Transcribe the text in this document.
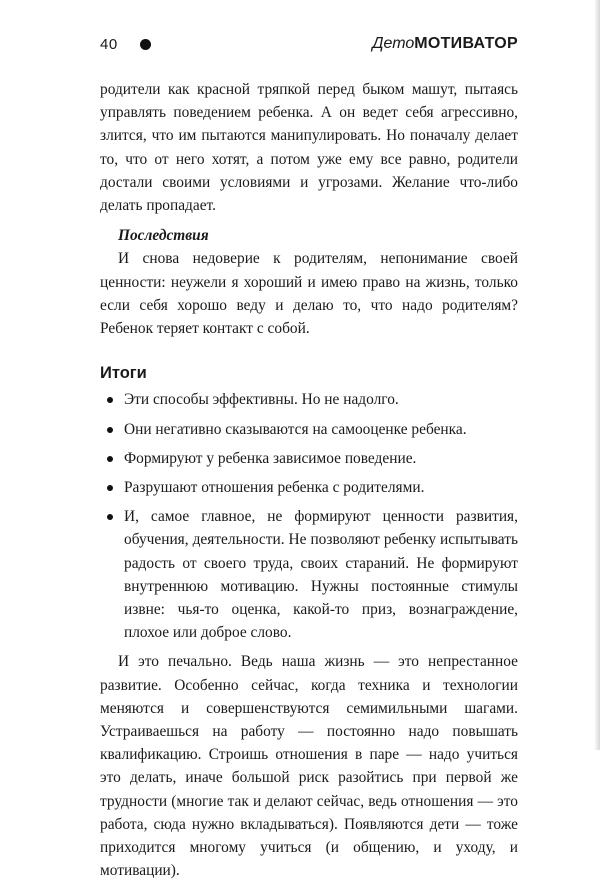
40	ДетоМОТИВАТОР

родители как красной тряпкой перед быком машут, пытаясь управлять поведением ребенка. А он ведет себя агрессивно, злится, что им пытаются манипулировать. Но поначалу делает то, что от него хотят, а потом уже ему все равно, родители достали своими условиями и угрозами. Желание что-либо делать пропадает.

Последствия

И снова недоверие к родителям, непонимание своей ценности: неужели я хороший и имею право на жизнь, только если себя хорошо веду и делаю то, что надо родителям? Ребенок теряет контакт с собой.

Итоги
Эти способы эффективны. Но не надолго.
Они негативно сказываются на самооценке ребенка.
Формируют у ребенка зависимое поведение.
Разрушают отношения ребенка с родителями.
И, самое главное, не формируют ценности развития, обучения, деятельности. Не позволяют ребенку испытывать радость от своего труда, своих стараний. Не формируют внутреннюю мотивацию. Нужны постоянные стимулы извне: чья-то оценка, какой-то приз, вознаграждение, плохое или доброе слово.

И это печально. Ведь наша жизнь — это непрестанное развитие. Особенно сейчас, когда техника и технологии меняются и совершенствуются семимильными шагами. Устраиваешься на работу — постоянно надо повышать квалификацию. Строишь отношения в паре — надо учиться это делать, иначе большой риск разойтись при первой же трудности (многие так и делают сейчас, ведь отношения — это работа, сюда нужно вкладываться). Появляются дети — тоже приходится многому учиться (и общению, и уходу, и мотивации).
